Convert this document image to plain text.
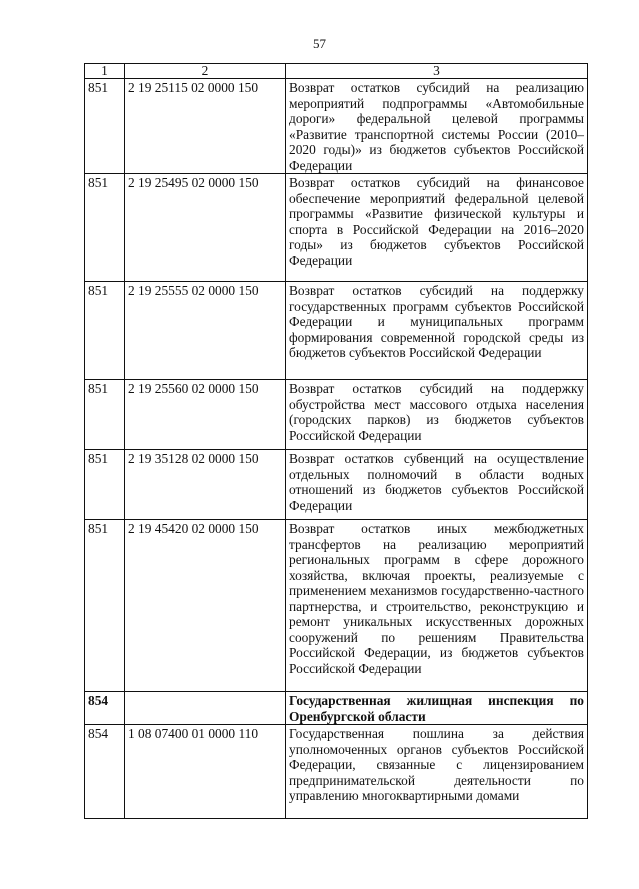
57
1	2	3
851	2 19 25115 02 0000 150	Возврат остатков субсидий на реализацию мероприятий подпрограммы «Автомобильные дороги» федеральной целевой программы «Развитие транспортной системы России (2010–2020 годы)» из бюджетов субъектов Российской Федерации
851	2 19 25495 02 0000 150	Возврат остатков субсидий на финансовое обеспечение мероприятий федеральной целевой программы «Развитие физической культуры и спорта в Российской Федерации на 2016–2020 годы» из бюджетов субъектов Российской Федерации
851	2 19 25555 02 0000 150	Возврат остатков субсидий на поддержку государственных программ субъектов Российской Федерации и муниципальных программ формирования современной городской среды из бюджетов субъектов Российской Федерации
851	2 19 25560 02 0000 150	Возврат остатков субсидий на поддержку обустройства мест массового отдыха населения (городских парков) из бюджетов субъектов Российской Федерации
851	2 19 35128 02 0000 150	Возврат остатков субвенций на осуществление отдельных полномочий в области водных отношений из бюджетов субъектов Российской Федерации
851	2 19 45420 02 0000 150	Возврат остатков иных межбюджетных трансфертов на реализацию мероприятий региональных программ в сфере дорожного хозяйства, включая проекты, реализуемые с применением механизмов государственно-частного партнерства, и строительство, реконструкцию и ремонт уникальных искусственных дорожных сооружений по решениям Правительства Российской Федерации, из бюджетов субъектов Российской Федерации
854		Государственная жилищная инспекция по Оренбургской области
854	1 08 07400 01 0000 110	Государственная пошлина за действия уполномоченных органов субъектов Российской Федерации, связанные с лицензированием предпринимательской деятельности по управлению многоквартирными домами
